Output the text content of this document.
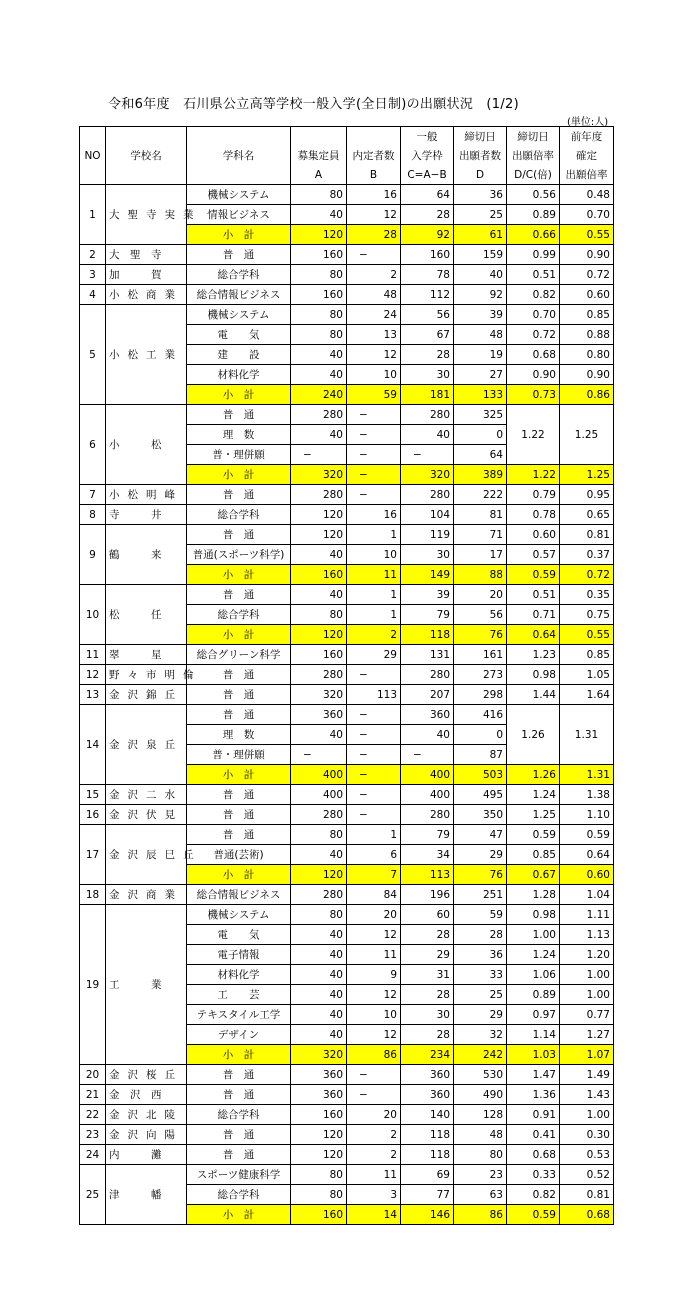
令和6年度　石川県公立高等学校一般入学(全日制)の出願状況　(1/2)
(単位:人)
NO	学校名	学科名			一般	締切日	締切日	前年度
			募集定員	内定者数	入学枠	出願者数	出願倍率	確定
			A	B	C=A−B	D	D/C(倍)	出願倍率
1	大聖寺実業	機械システム	80	16	64	36	0.56	0.48
		情報ビジネス	40	12	28	25	0.89	0.70
		小　計	120	28	92	61	0.66	0.55
2	大　聖　寺	普　通	160	−	160	159	0.99	0.90
3	加　　　賀	総合学科	80	2	78	40	0.51	0.72
4	小松商業	総合情報ビジネス	160	48	112	92	0.82	0.60
5	小松工業	機械システム	80	24	56	39	0.70	0.85
		電　　気	80	13	67	48	0.72	0.88
		建　　設	40	12	28	19	0.68	0.80
		材料化学	40	10	30	27	0.90	0.90
		小　計	240	59	181	133	0.73	0.86
6	小　　　松	普　通	280	−	280	325	1.22	1.25
		理　数	40	−	40	0		
		普・理併願	−	−	−	64		
		小　計	320	−	320	389	1.22	1.25
7	小松明峰	普　通	280	−	280	222	0.79	0.95
8	寺　　　井	総合学科	120	16	104	81	0.78	0.65
9	鶴　　　来	普　通	120	1	119	71	0.60	0.81
		普通(スポーツ科学)	40	10	30	17	0.57	0.37
		小　計	160	11	149	88	0.59	0.72
10	松　　　任	普　通	40	1	39	20	0.51	0.35
		総合学科	80	1	79	56	0.71	0.75
		小　計	120	2	118	76	0.64	0.55
11	翠　　　星	総合グリーン科学	160	29	131	161	1.23	0.85
12	野々市明倫	普　通	280	−	280	273	0.98	1.05
13	金沢錦丘	普　通	320	113	207	298	1.44	1.64
14	金沢泉丘	普　通	360	−	360	416	1.26	1.31
		理　数	40	−	40	0		
		普・理併願	−	−	−	87		
		小　計	400	−	400	503	1.26	1.31
15	金沢二水	普　通	400	−	400	495	1.24	1.38
16	金沢伏見	普　通	280	−	280	350	1.25	1.10
17	金沢辰巳丘	普　通	80	1	79	47	0.59	0.59
		普通(芸術)	40	6	34	29	0.85	0.64
		小　計	120	7	113	76	0.67	0.60
18	金沢商業	総合情報ビジネス	280	84	196	251	1.28	1.04
19	工　　　業	機械システム	80	20	60	59	0.98	1.11
		電　　気	40	12	28	28	1.00	1.13
		電子情報	40	11	29	36	1.24	1.20
		材料化学	40	9	31	33	1.06	1.00
		工　　芸	40	12	28	25	0.89	1.00
		テキスタイル工学	40	10	30	29	0.97	0.77
		デザイン	40	12	28	32	1.14	1.27
		小　計	320	86	234	242	1.03	1.07
20	金沢桜丘	普　通	360	−	360	530	1.47	1.49
21	金　沢　西	普　通	360	−	360	490	1.36	1.43
22	金沢北陵	総合学科	160	20	140	128	0.91	1.00
23	金沢向陽	普　通	120	2	118	48	0.41	0.30
24	内　　　灘	普　通	120	2	118	80	0.68	0.53
25	津　　　幡	スポーツ健康科学	80	11	69	23	0.33	0.52
		総合学科	80	3	77	63	0.82	0.81
		小　計	160	14	146	86	0.59	0.68
